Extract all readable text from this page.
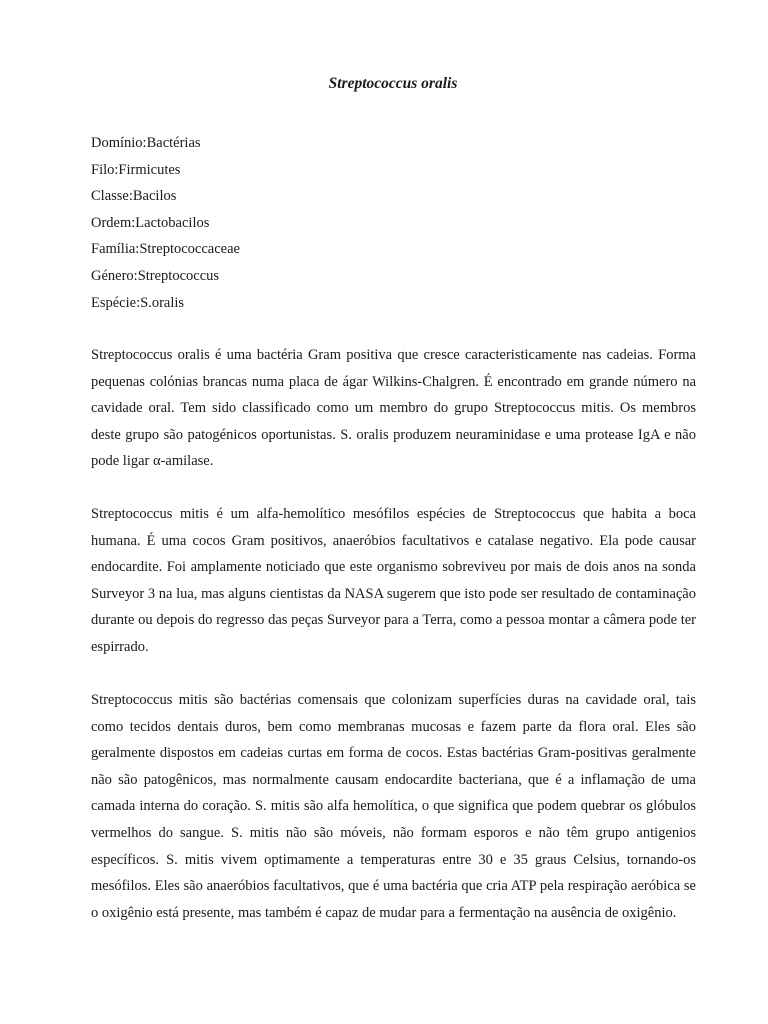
Streptococcus oralis
Domínio:Bactérias
Filo:Firmicutes
Classe:Bacilos
Ordem:Lactobacilos
Família:Streptococcaceae
Género:Streptococcus
Espécie:S.oralis

Streptococcus oralis é uma bactéria Gram positiva que cresce caracteristicamente nas cadeias. Forma pequenas colónias brancas numa placa de ágar Wilkins-Chalgren. É encontrado em grande número na cavidade oral. Tem sido classificado como um membro do grupo Streptococcus mitis. Os membros deste grupo são patogénicos oportunistas. S. oralis produzem neuraminidase e uma protease IgA e não pode ligar α-amilase.

Streptococcus mitis é um alfa-hemolítico mesófilos espécies de Streptococcus que habita a boca humana. É uma cocos Gram positivos, anaeróbios facultativos e catalase negativo. Ela pode causar endocardite. Foi amplamente noticiado que este organismo sobreviveu por mais de dois anos na sonda Surveyor 3 na lua, mas alguns cientistas da NASA sugerem que isto pode ser resultado de contaminação durante ou depois do regresso das peças Surveyor para a Terra, como a pessoa montar a câmera pode ter espirrado.

Streptococcus mitis são bactérias comensais que colonizam superfícies duras na cavidade oral, tais como tecidos dentais duros, bem como membranas mucosas e fazem parte da flora oral. Eles são geralmente dispostos em cadeias curtas em forma de cocos. Estas bactérias Gram-positivas geralmente não são patogênicos, mas normalmente causam endocardite bacteriana, que é a inflamação de uma camada interna do coração. S. mitis são alfa hemolítica, o que significa que podem quebrar os glóbulos vermelhos do sangue. S. mitis não são móveis, não formam esporos e não têm grupo antigenios específicos. S. mitis vivem optimamente a temperaturas entre 30 e 35 graus Celsius, tornando-os mesófilos. Eles são anaeróbios facultativos, que é uma bactéria que cria ATP pela respiração aeróbica se o oxigênio está presente, mas também é capaz de mudar para a fermentação na ausência de oxigênio.
